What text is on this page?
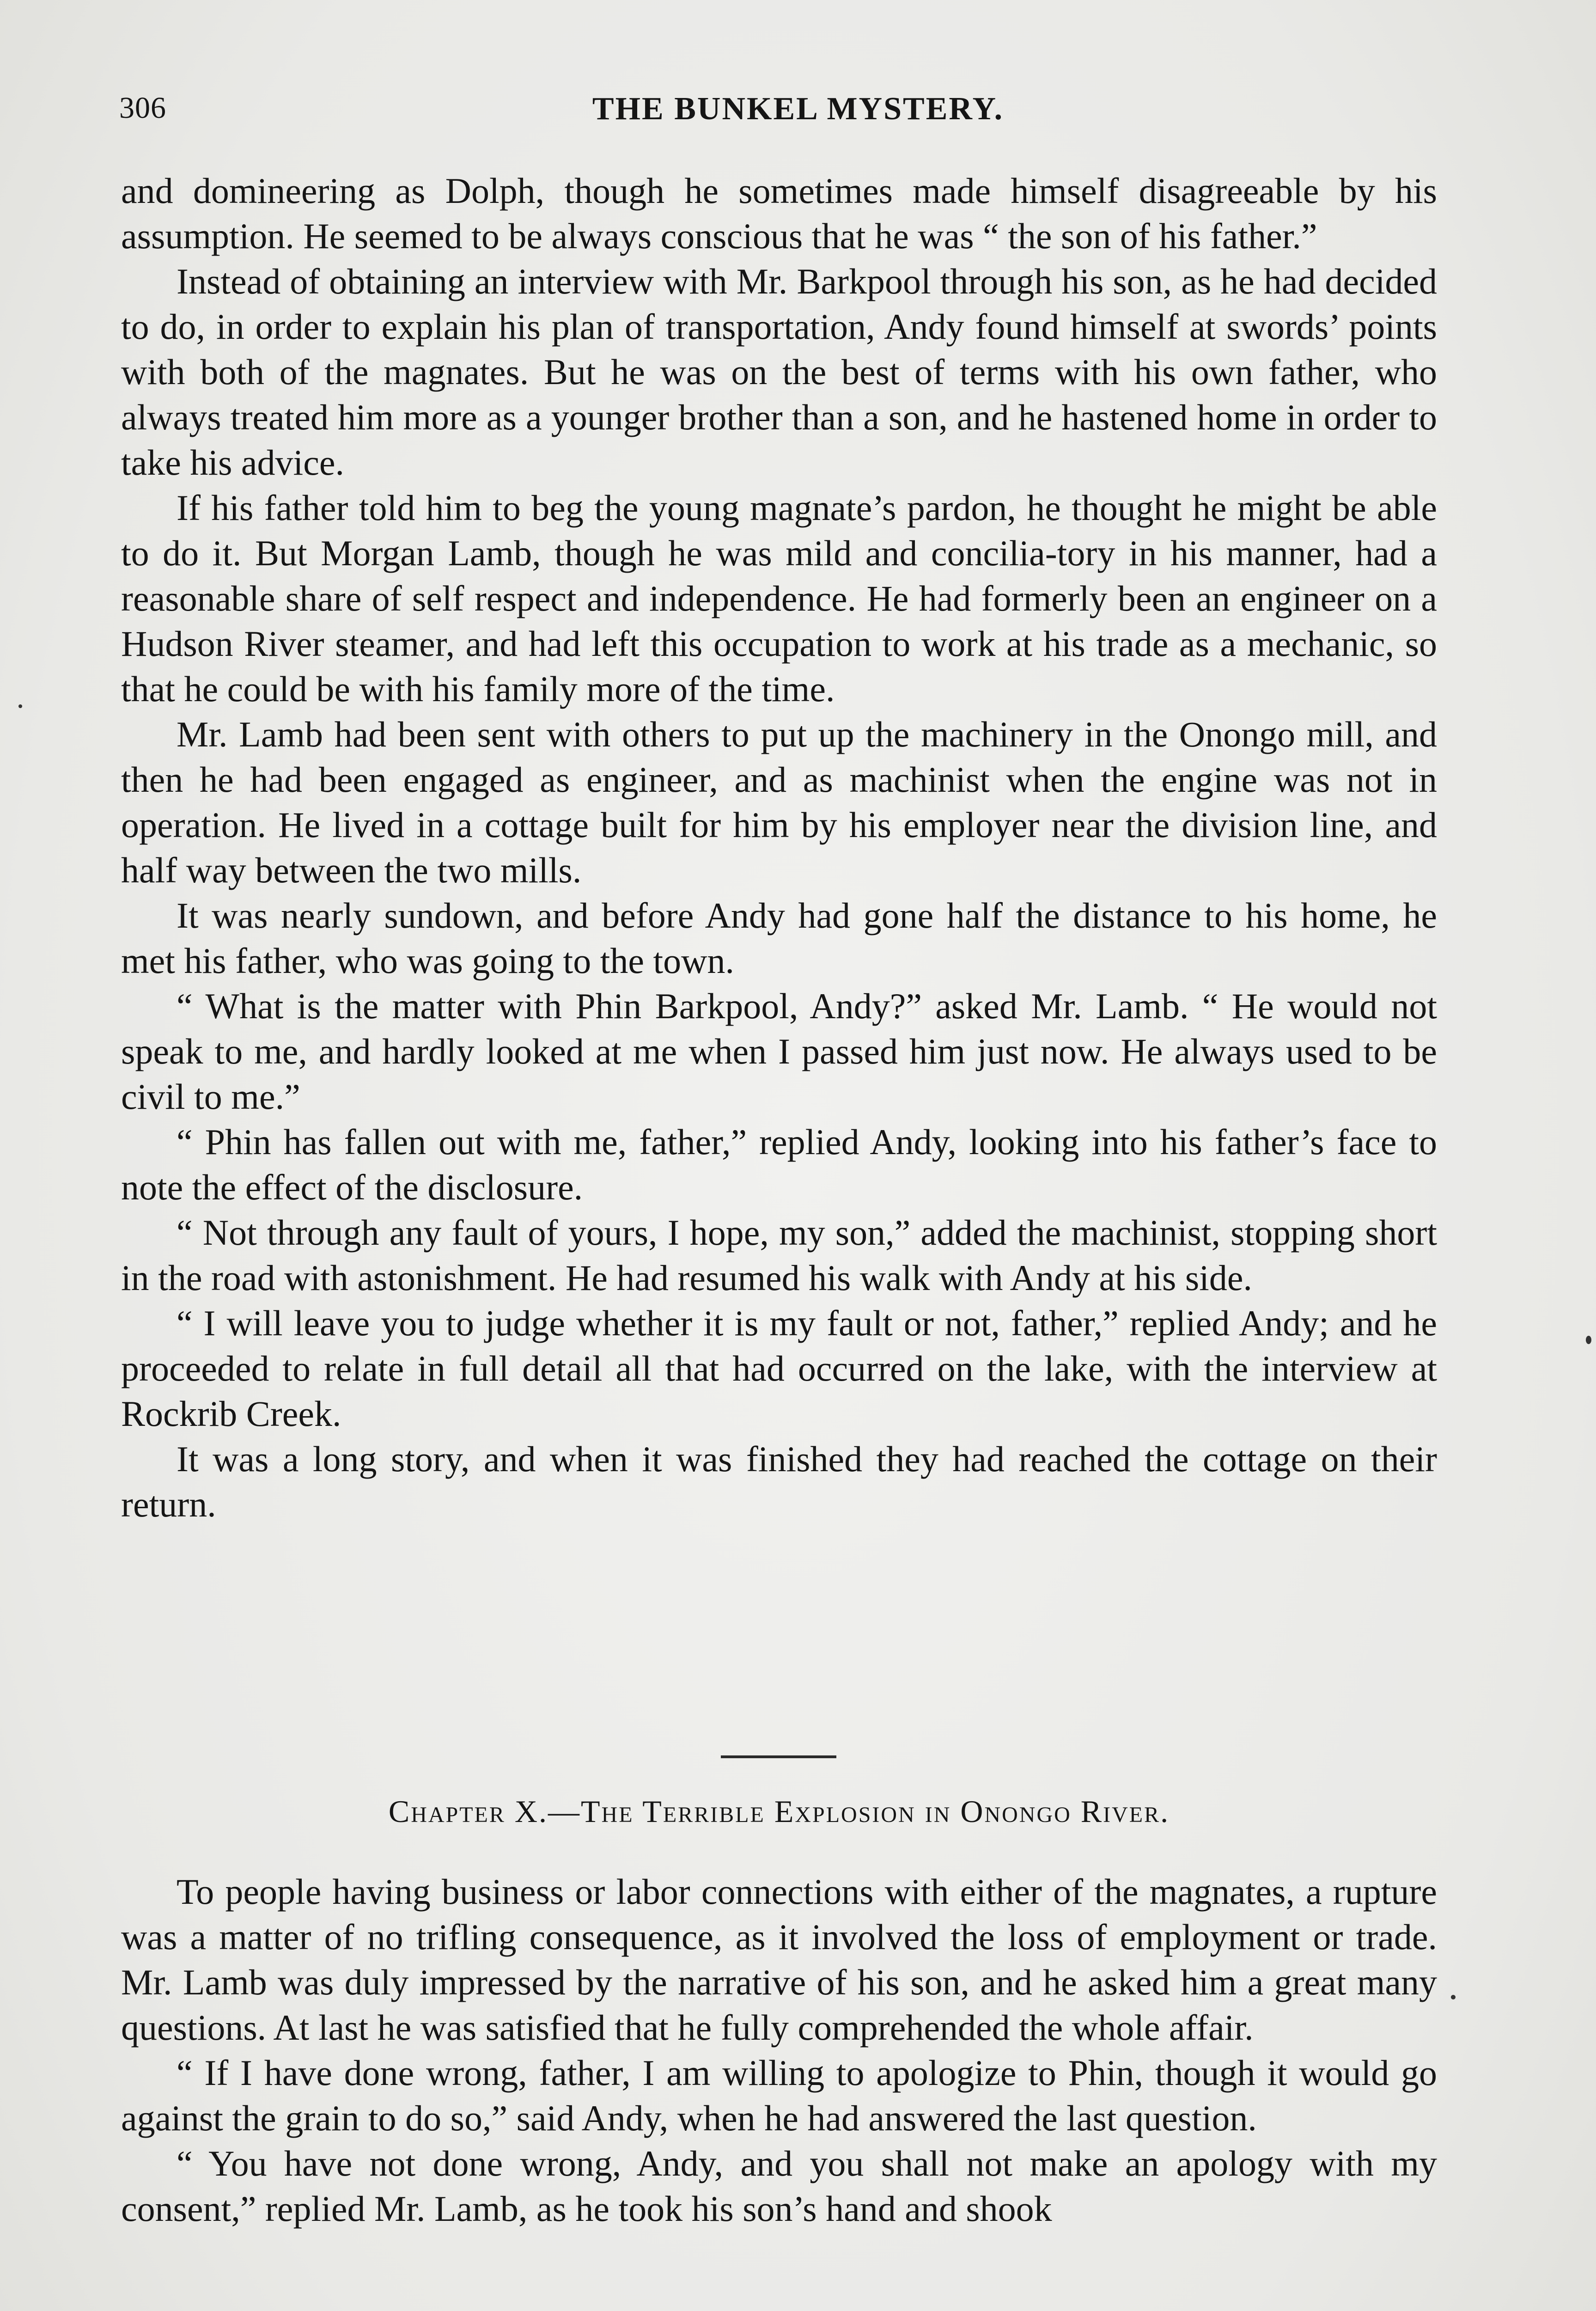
306	THE BUNKEL MYSTERY.

and domineering as Dolph, though he sometimes made himself disagreeable by his assumption. He seemed to be always conscious that he was “ the son of his father.”

Instead of obtaining an interview with Mr. Barkpool through his son, as he had decided to do, in order to explain his plan of transportation, Andy found himself at swords’ points with both of the magnates. But he was on the best of terms with his own father, who always treated him more as a younger brother than a son, and he hastened home in order to take his advice.

If his father told him to beg the young magnate’s pardon, he thought he might be able to do it. But Morgan Lamb, though he was mild and concilia-tory in his manner, had a reasonable share of self respect and independence. He had formerly been an engineer on a Hudson River steamer, and had left this occupation to work at his trade as a mechanic, so that he could be with his family more of the time.

Mr. Lamb had been sent with others to put up the machinery in the Onongo mill, and then he had been engaged as engineer, and as machinist when the engine was not in operation. He lived in a cottage built for him by his employer near the division line, and half way between the two mills.

It was nearly sundown, and before Andy had gone half the distance to his home, he met his father, who was going to the town.

“ What is the matter with Phin Barkpool, Andy?” asked Mr. Lamb. “ He would not speak to me, and hardly looked at me when I passed him just now. He always used to be civil to me.”

“ Phin has fallen out with me, father,” replied Andy, looking into his father’s face to note the effect of the disclosure.

“ Not through any fault of yours, I hope, my son,” added the machinist, stopping short in the road with astonishment. He had resumed his walk with Andy at his side.

“ I will leave you to judge whether it is my fault or not, father,” replied Andy; and he proceeded to relate in full detail all that had occurred on the lake, with the interview at Rockrib Creek.

It was a long story, and when it was finished they had reached the cottage on their return.

Chapter X.—The Terrible Explosion in Onongo River.

To people having business or labor connections with either of the magnates, a rupture was a matter of no trifling consequence, as it involved the loss of employment or trade. Mr. Lamb was duly impressed by the narrative of his son, and he asked him a great many questions. At last he was satisfied that he fully comprehended the whole affair.

“ If I have done wrong, father, I am willing to apologize to Phin, though it would go against the grain to do so,” said Andy, when he had answered the last question.

“ You have not done wrong, Andy, and you shall not make an apology with my consent,” replied Mr. Lamb, as he took his son’s hand and shook
